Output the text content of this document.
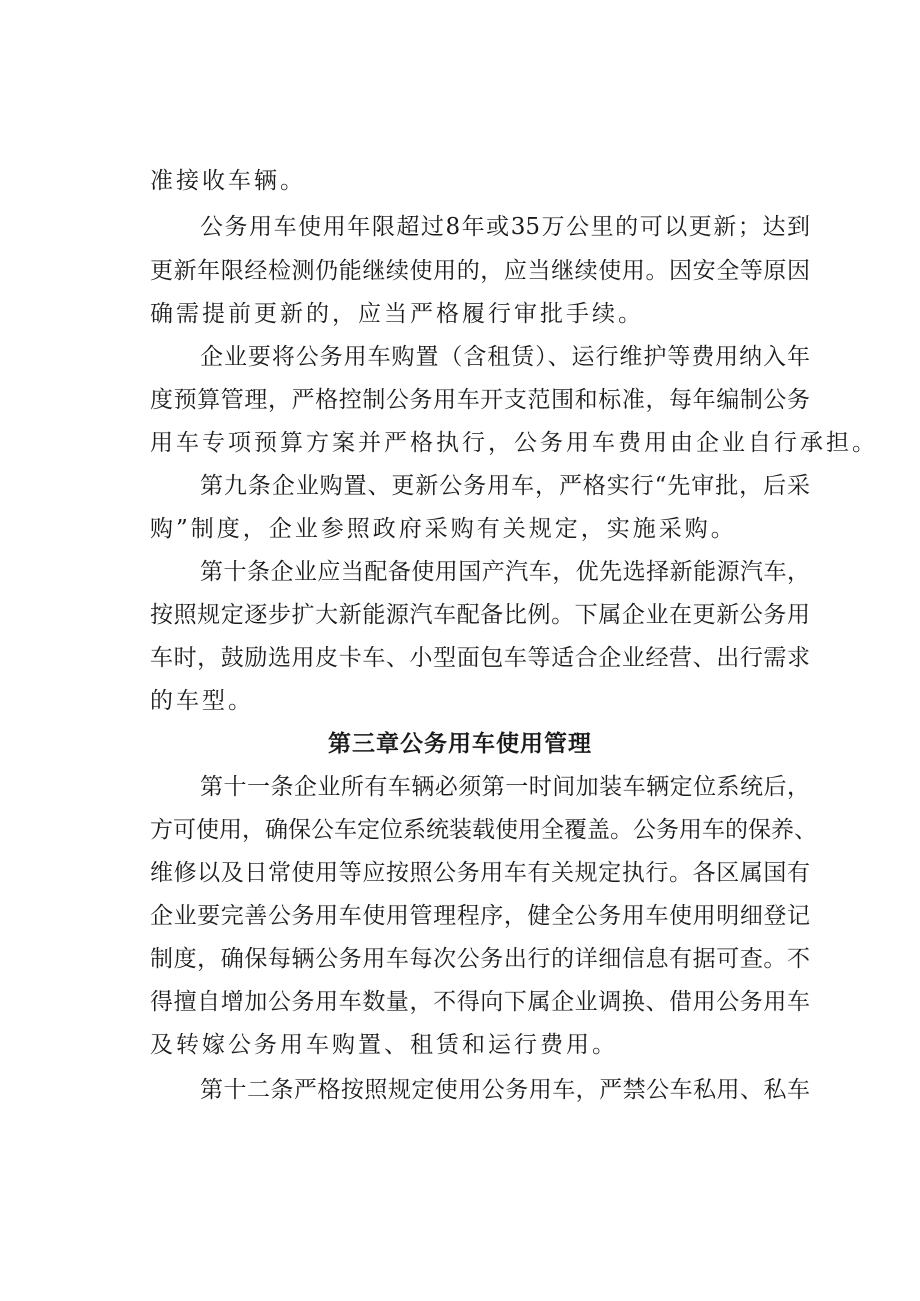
准接收车辆。
公务用车使用年限超过8年或35万公里的可以更新；达到
更新年限经检测仍能继续使用的，应当继续使用。因安全等原因
确需提前更新的，应当严格履行审批手续。
企业要将公务用车购置（含租赁）、运行维护等费用纳入年
度预算管理，严格控制公务用车开支范围和标准，每年编制公务
用车专项预算方案并严格执行，公务用车费用由企业自行承担。
第九条企业购置、更新公务用车，严格实行“先审批，后采
购”制度，企业参照政府采购有关规定，实施采购。
第十条企业应当配备使用国产汽车，优先选择新能源汽车，
按照规定逐步扩大新能源汽车配备比例。下属企业在更新公务用
车时，鼓励选用皮卡车、小型面包车等适合企业经营、出行需求
的车型。
第三章公务用车使用管理
第十一条企业所有车辆必须第一时间加装车辆定位系统后，
方可使用，确保公车定位系统装载使用全覆盖。公务用车的保养、
维修以及日常使用等应按照公务用车有关规定执行。各区属国有
企业要完善公务用车使用管理程序，健全公务用车使用明细登记
制度，确保每辆公务用车每次公务出行的详细信息有据可查。不
得擅自增加公务用车数量，不得向下属企业调换、借用公务用车
及转嫁公务用车购置、租赁和运行费用。
第十二条严格按照规定使用公务用车，严禁公车私用、私车
